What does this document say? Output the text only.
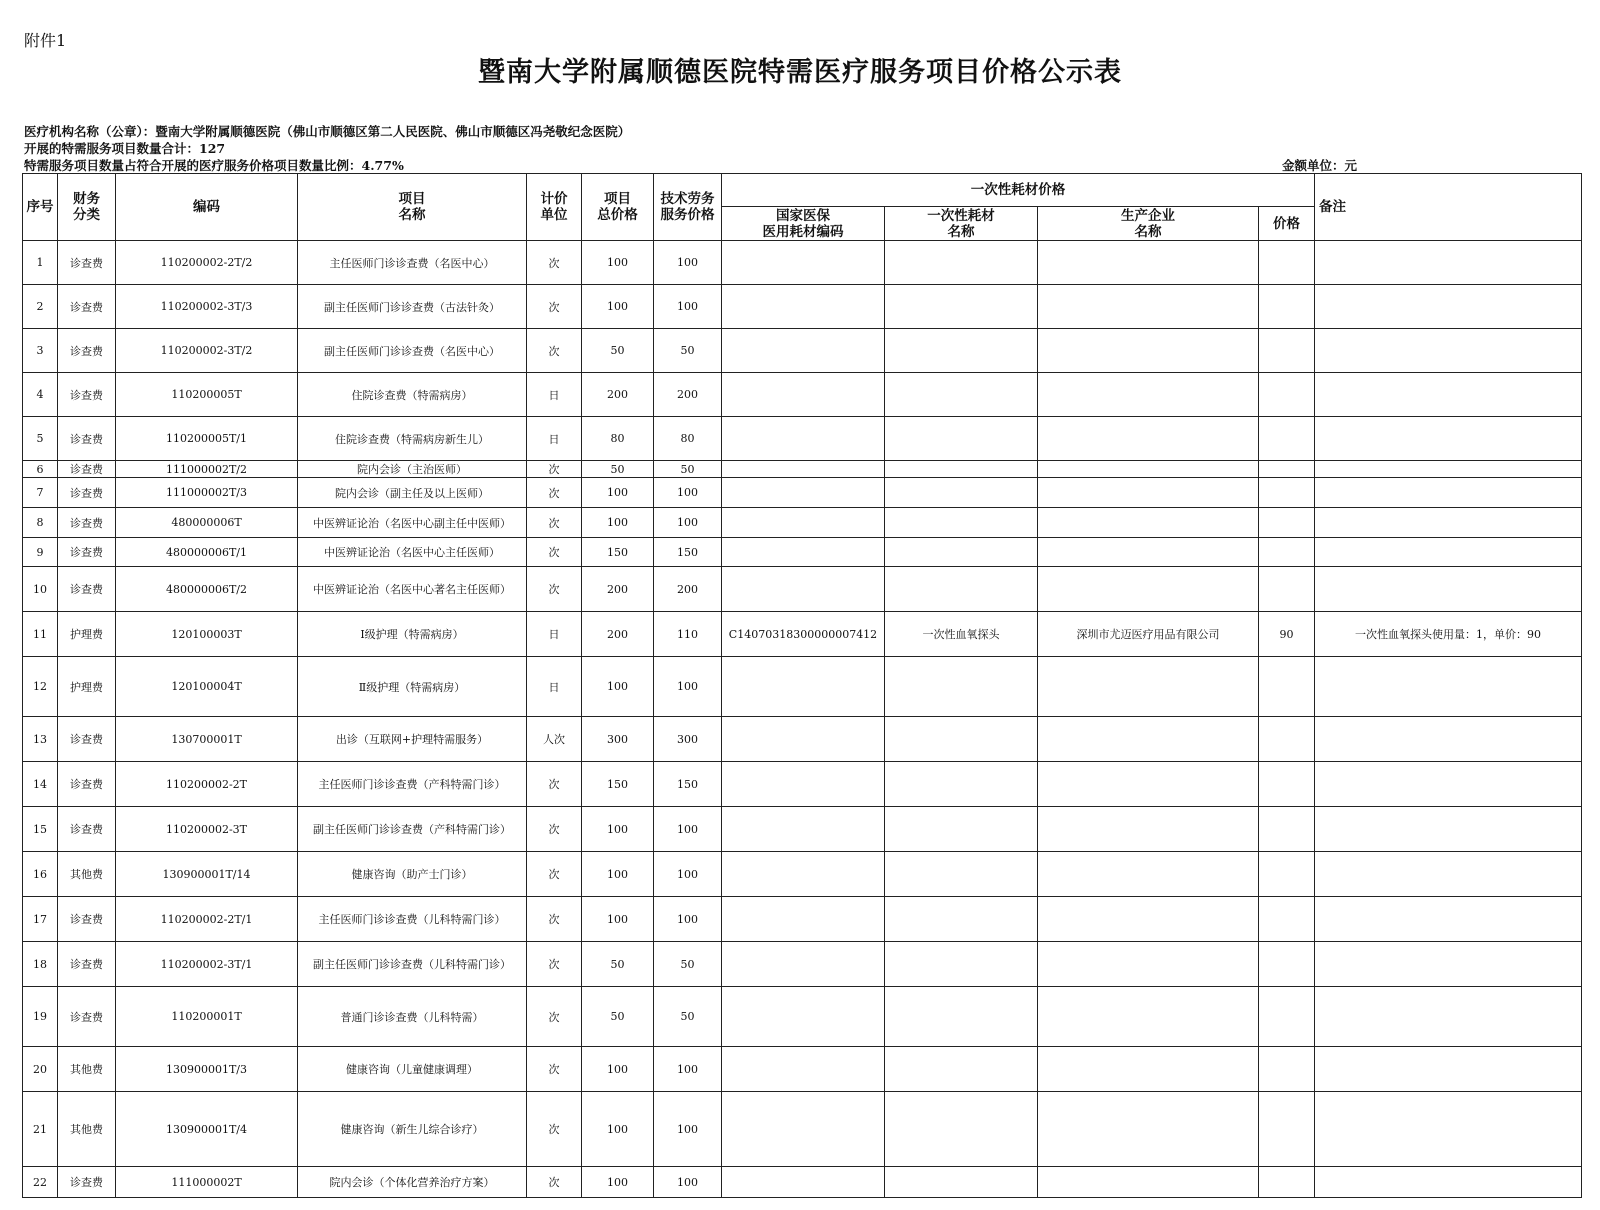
附件1
暨南大学附属顺德医院特需医疗服务项目价格公示表
医疗机构名称（公章）：暨南大学附属顺德医院（佛山市顺德区第二人民医院、佛山市顺德区冯尧敬纪念医院）
开展的特需服务项目数量合计：127
特需服务项目数量占符合开展的医疗服务价格项目数量比例：4.77%	金额单位：元
序号	财务
分类	编码	项目
名称	计价
单位	项目
总价格	技术劳务
服务价格	一次性耗材价格				备注
							国家医保
医用耗材编码	一次性耗材
名称	生产企业
名称	价格	
1	诊查费	110200002-2T/2	主任医师门诊诊查费（名医中心）	次	100	100					
2	诊查费	110200002-3T/3	副主任医师门诊诊查费（古法针灸）	次	100	100					
3	诊查费	110200002-3T/2	副主任医师门诊诊查费（名医中心）	次	50	50					
4	诊查费	110200005T	住院诊查费（特需病房）	日	200	200					
5	诊查费	110200005T/1	住院诊查费（特需病房新生儿）	日	80	80					
6	诊查费	111000002T/2	院内会诊（主治医师）	次	50	50					
7	诊查费	111000002T/3	院内会诊（副主任及以上医师）	次	100	100					
8	诊查费	480000006T	中医辨证论治（名医中心副主任中医师）	次	100	100					
9	诊查费	480000006T/1	中医辨证论治（名医中心主任医师）	次	150	150					
10	诊查费	480000006T/2	中医辨证论治（名医中心著名主任医师）	次	200	200					
11	护理费	120100003T	Ⅰ级护理（特需病房）	日	200	110	C14070318300000007412	一次性血氧探头	深圳市尤迈医疗用品有限公司	90	一次性血氧探头使用量：1，单价：90
12	护理费	120100004T	Ⅱ级护理（特需病房）	日	100	100					
13	诊查费	130700001T	出诊（互联网+护理特需服务）	人次	300	300					
14	诊查费	110200002-2T	主任医师门诊诊查费（产科特需门诊）	次	150	150					
15	诊查费	110200002-3T	副主任医师门诊诊查费（产科特需门诊）	次	100	100					
16	其他费	130900001T/14	健康咨询（助产士门诊）	次	100	100					
17	诊查费	110200002-2T/1	主任医师门诊诊查费（儿科特需门诊）	次	100	100					
18	诊查费	110200002-3T/1	副主任医师门诊诊查费（儿科特需门诊）	次	50	50					
19	诊查费	110200001T	普通门诊诊查费（儿科特需）	次	50	50					
20	其他费	130900001T/3	健康咨询（儿童健康调理）	次	100	100					
21	其他费	130900001T/4	健康咨询（新生儿综合诊疗）	次	100	100					
22	诊查费	111000002T	院内会诊（个体化营养治疗方案）	次	100	100					
